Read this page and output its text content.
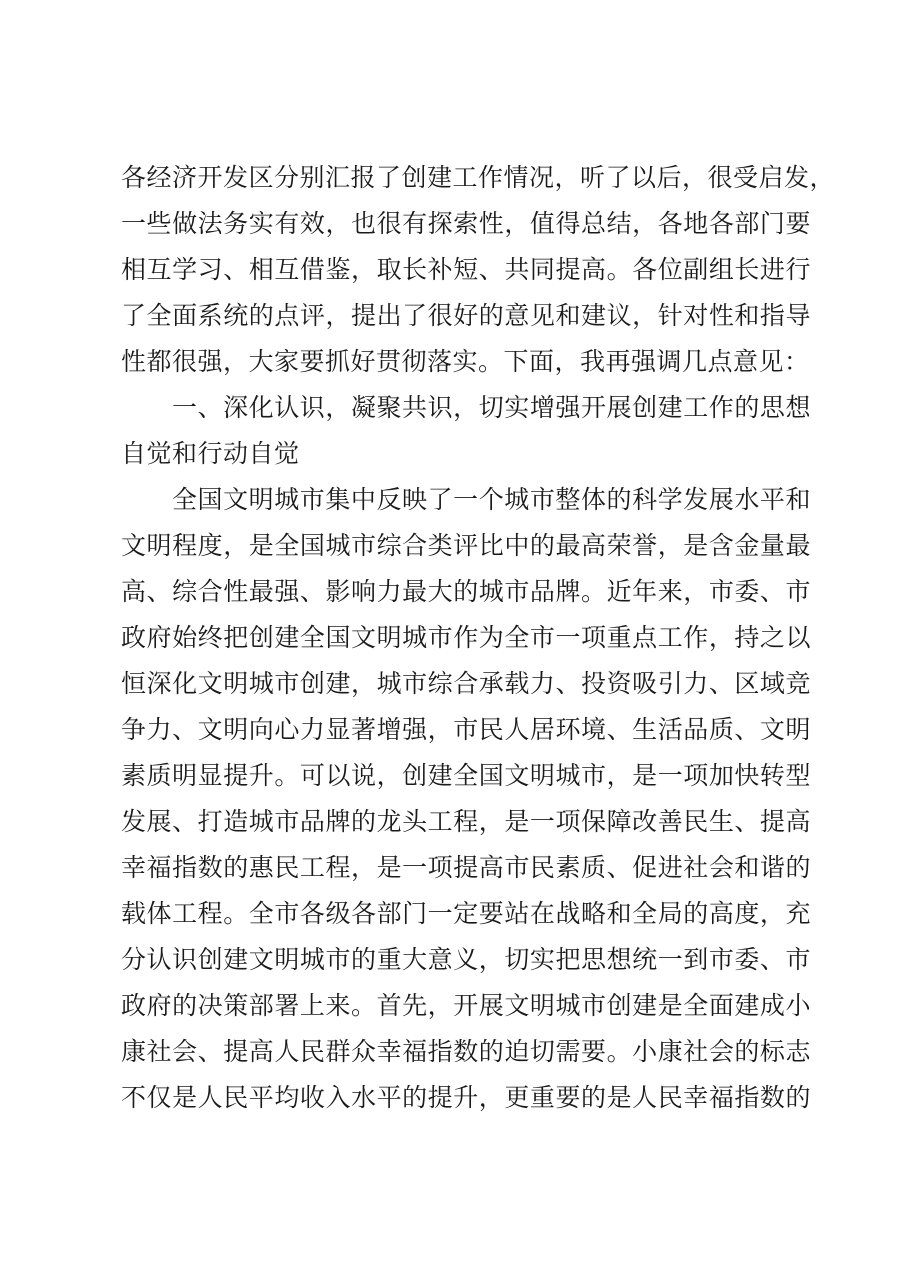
各经济开发区分别汇报了创建工作情况，听了以后，很受启发，
一些做法务实有效，也很有探索性，值得总结，各地各部门要
相互学习、相互借鉴，取长补短、共同提高。各位副组长进行
了全面系统的点评，提出了很好的意见和建议，针对性和指导
性都很强，大家要抓好贯彻落实。下面，我再强调几点意见：
一、深化认识，凝聚共识，切实增强开展创建工作的思想
自觉和行动自觉
全国文明城市集中反映了一个城市整体的科学发展水平和
文明程度，是全国城市综合类评比中的最高荣誉，是含金量最
高、综合性最强、影响力最大的城市品牌。近年来，市委、市
政府始终把创建全国文明城市作为全市一项重点工作，持之以
恒深化文明城市创建，城市综合承载力、投资吸引力、区域竞
争力、文明向心力显著增强，市民人居环境、生活品质、文明
素质明显提升。可以说，创建全国文明城市，是一项加快转型
发展、打造城市品牌的龙头工程，是一项保障改善民生、提高
幸福指数的惠民工程，是一项提高市民素质、促进社会和谐的
载体工程。全市各级各部门一定要站在战略和全局的高度，充
分认识创建文明城市的重大意义，切实把思想统一到市委、市
政府的决策部署上来。首先，开展文明城市创建是全面建成小
康社会、提高人民群众幸福指数的迫切需要。小康社会的标志
不仅是人民平均收入水平的提升，更重要的是人民幸福指数的
